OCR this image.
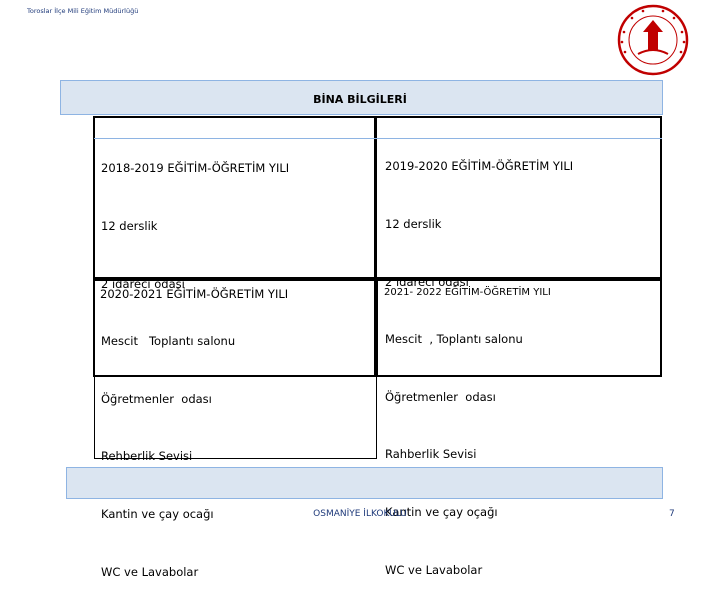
Toroslar İlçe Mili Eğitim Müdürlüğü
BİNA BİLGİLERİ

2018-2019 EĞİTİM-ÖĞRETİM YILI

12 derslik

2 idareci odası

Mescit   Toplantı salonu

Öğretmenler  odası

Rehberlik Sevisi

Kantin ve çay ocağı

WC ve Lavabolar

2019-2020 EĞİTİM-ÖĞRETİM YILI

12 derslik

2 idareci odası

Mescit  , Toplantı salonu

Öğretmenler  odası

Rahberlik Sevisi

Kantin ve çay oçağı

WC ve Lavabolar

2020-2021 EĞİTİM-ÖĞRETİM YILI	2021- 2022 EĞİTİM-ÖĞRETİM YILI
OSMANİYE İLKOKULU	7
